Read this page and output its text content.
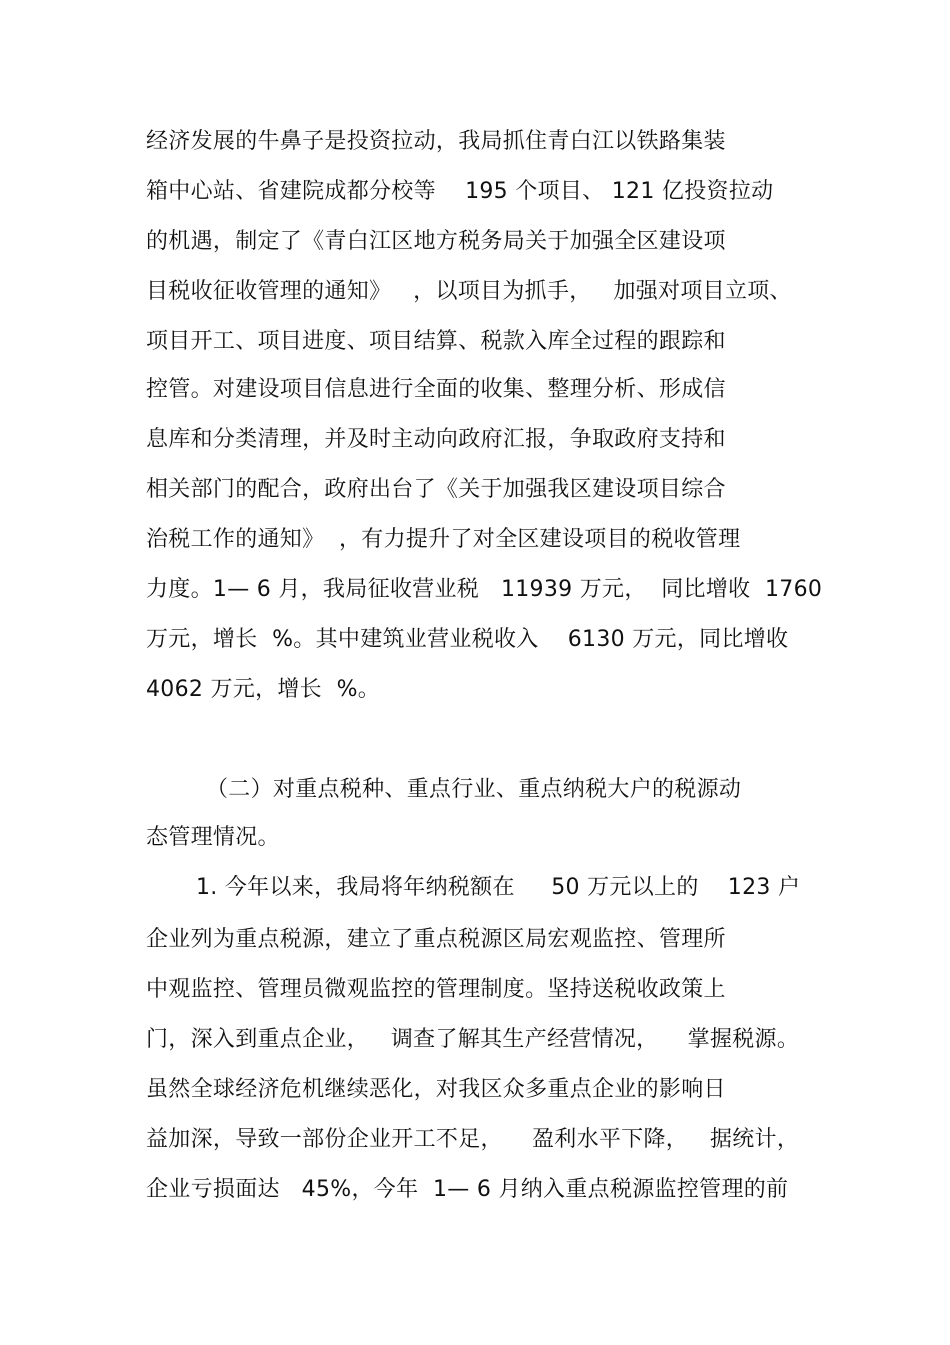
经济发展的牛鼻子是投资拉动，我局抓住青白江以铁路集装
箱中心站、省建院成都分校等    195 个项目、 121 亿投资拉动
的机遇，制定了《青白江区地方税务局关于加强全区建设项
目税收征收管理的通知》   ，以项目为抓手，   加强对项目立项、
项目开工、项目进度、项目结算、税款入库全过程的跟踪和
控管。对建设项目信息进行全面的收集、整理分析、形成信
息库和分类清理，并及时主动向政府汇报，争取政府支持和
相关部门的配合，政府出台了《关于加强我区建设项目综合
治税工作的通知》  ，有力提升了对全区建设项目的税收管理
力度。1— 6 月，我局征收营业税   11939 万元，  同比增收  1760
万元，增长  %。其中建筑业营业税收入    6130 万元，同比增收
4062 万元，增长  %。
（二）对重点税种、重点行业、重点纳税大户的税源动
态管理情况。
1. 今年以来，我局将年纳税额在     50 万元以上的    123 户
企业列为重点税源，建立了重点税源区局宏观监控、管理所
中观监控、管理员微观监控的管理制度。坚持送税收政策上
门，深入到重点企业，   调查了解其生产经营情况，    掌握税源。
虽然全球经济危机继续恶化，对我区众多重点企业的影响日
益加深，导致一部份企业开工不足，    盈利水平下降，   据统计，
企业亏损面达   45%，今年  1— 6 月纳入重点税源监控管理的前
